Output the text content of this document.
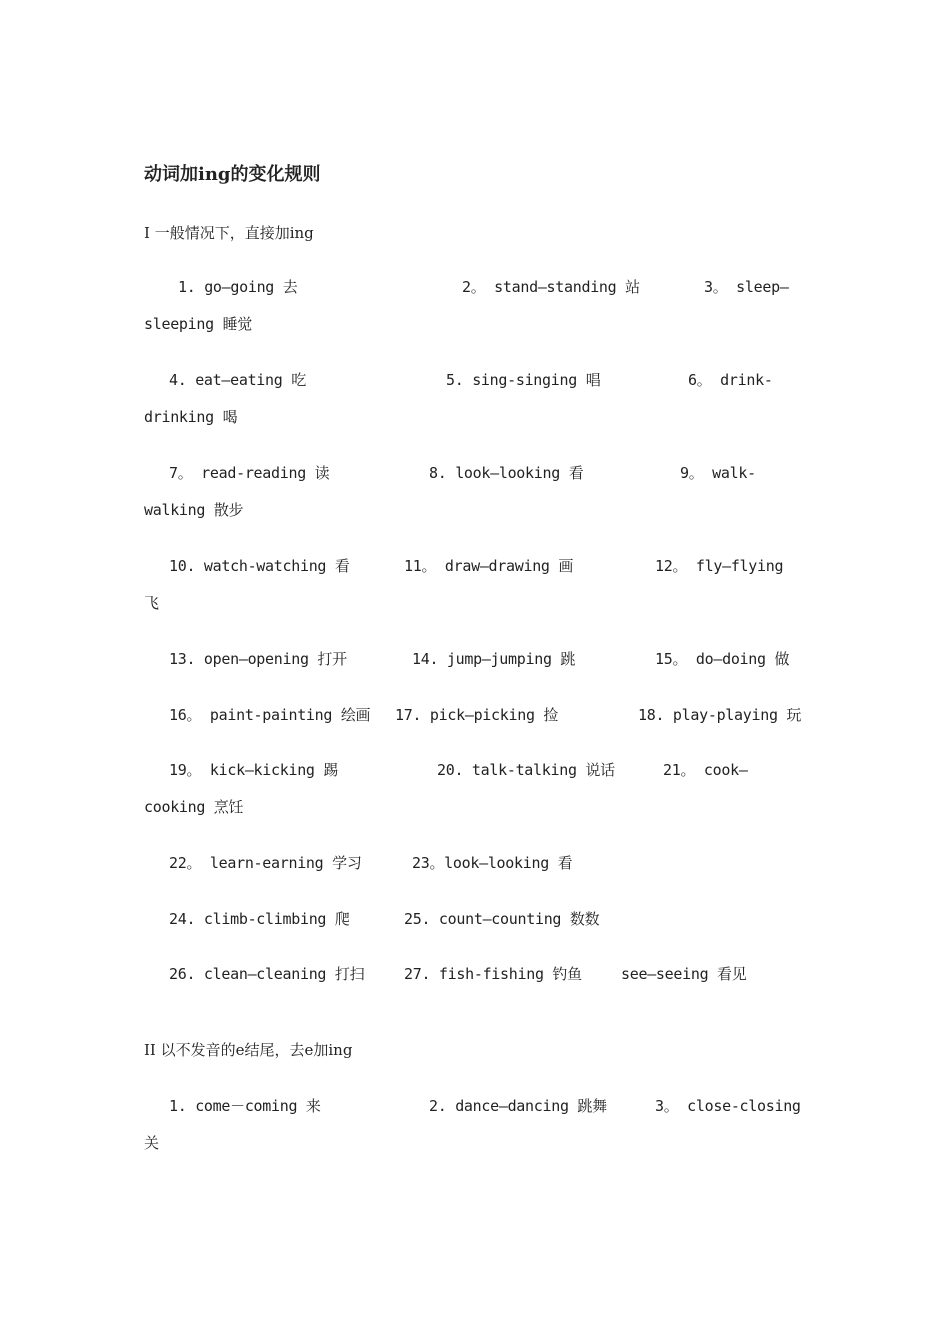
动词加ing的变化规则
I 一般情况下，直接加ing
1. go—going 去	2。 stand—standing 站	3。 sleep—
sleeping 睡觉
4. eat—eating 吃	5. sing-singing 唱	6。 drink-
drinking 喝
7。 read-reading 读	8. look—looking 看	9。 walk-
walking 散步
10. watch-watching 看	11。 draw—drawing 画	12。 fly—flying
飞
13. open—opening 打开	14. jump—jumping 跳	15。 do—doing 做
16。 paint-painting 绘画 17. pick—picking 捡	18. play-playing 玩
19。 kick—kicking 踢	20. talk-talking 说话	21。 cook—
cooking 烹饪
22。 learn-earning 学习	23。look—looking 看
24. climb-climbing 爬	25. count—counting 数数
26. clean—cleaning 打扫	27. fish-fishing 钓鱼	see—seeing 看见
II 以不发音的e结尾，去e加ing
1. come－coming 来	2. dance—dancing 跳舞	3。 close-closing
关
